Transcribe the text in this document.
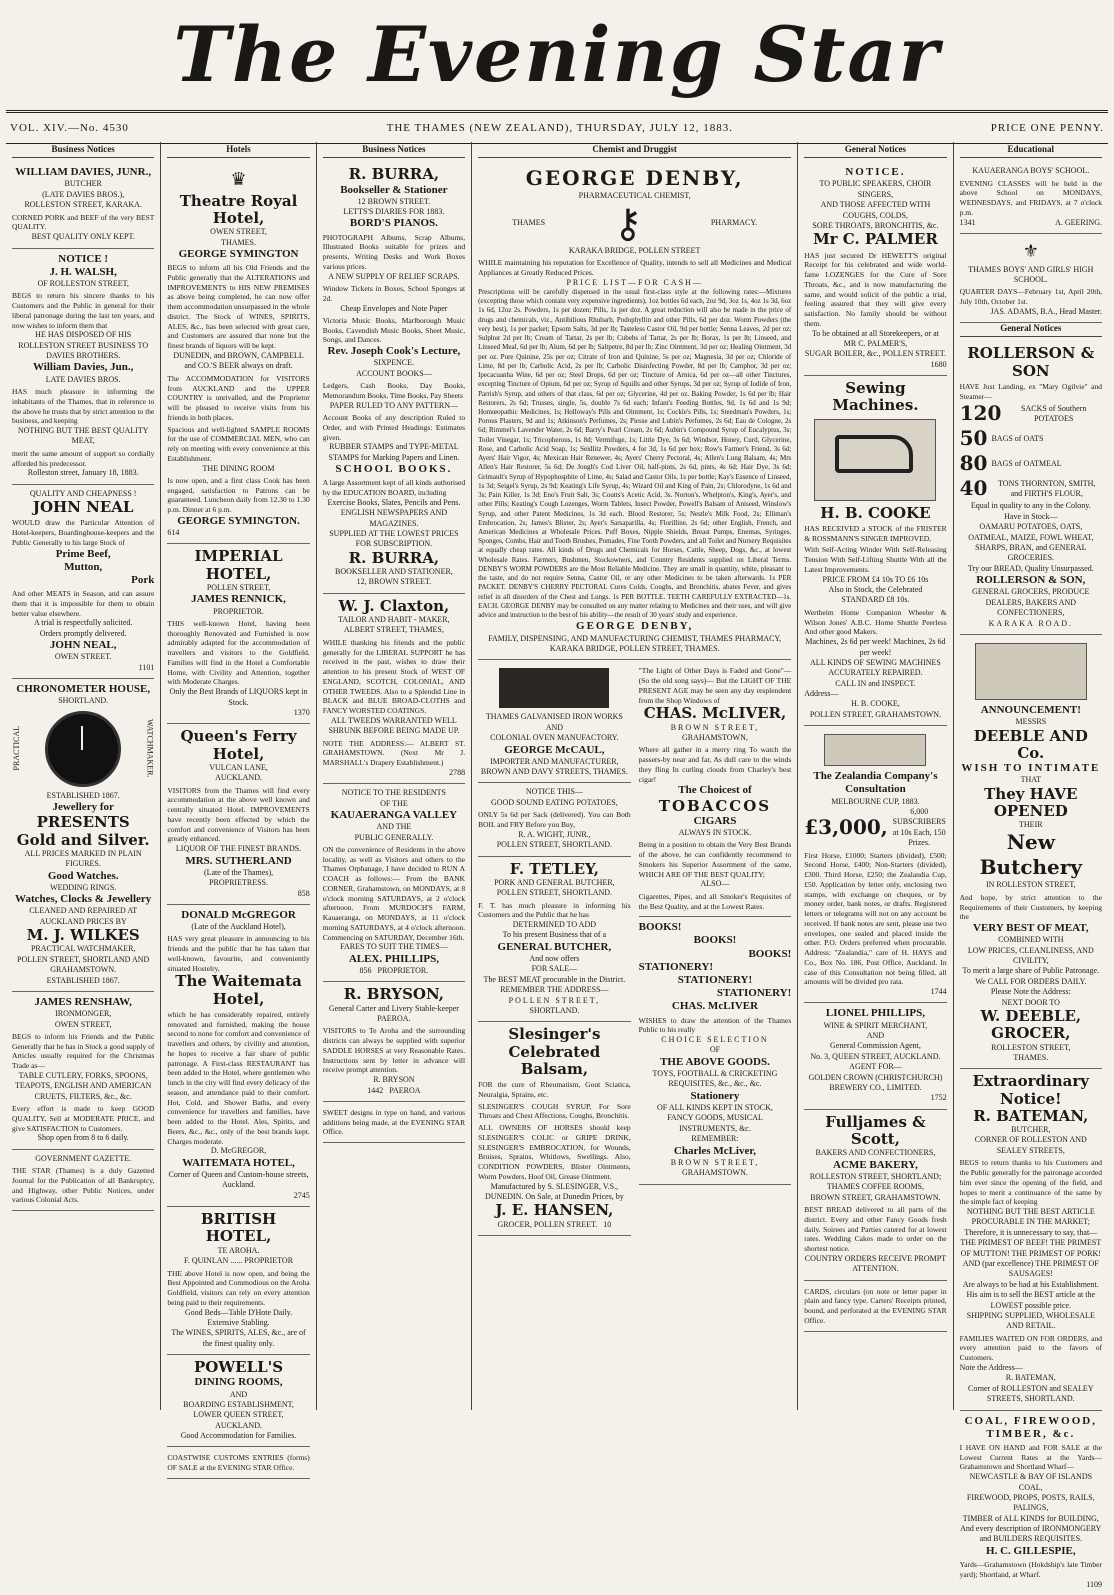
The Evening Star
VOL. XIV.—No. 4530	THE THAMES (NEW ZEALAND), THURSDAY, JULY 12, 1883.	PRICE ONE PENNY.
Business Notices
WILLIAM DAVIES, JUNR.,
BUTCHER
(LATE DAVIES BROS.),
ROLLESTON STREET, KARAKA.
CORNED PORK and BEEF of the very BEST QUALITY.
BEST QUALITY ONLY KEPT.
NOTICE !
J. H. WALSH,
OF ROLLESTON STREET,
BEGS to return his sincere thanks to his Customers and the Public in general for their liberal patronage during the last ten years, and now wishes to inform them that
HE HAS DISPOSED OF HIS
ROLLESTON STREET BUSINESS TO DAVIES BROTHERS.
William Davies, Jun.,
LATE DAVIES BROS.
HAS much pleasure in informing the inhabitants of the Thames, that in reference to the above he trusts that by strict attention to the business, and keeping
NOTHING BUT THE BEST QUALITY MEAT,
merit the same amount of support so cordially afforded his predecessor.
Rolleston street, January 18, 1883.
QUALITY AND CHEAPNESS !
JOHN NEAL
WOULD draw the Particular Attention of Hotel-keepers, Boardinghouse-keepers and the Public Generally to his large Stock of
Prime Beef,
Mutton,
Pork
And other MEATS in Season, and can assure them that it is impossible for them to obtain better value elsewhere.
A trial is respectfully solicited.
Orders promptly delivered.
JOHN NEAL,
OWEN STREET.
1101
CHRONOMETER HOUSE,
SHORTLAND.
PRACTICAL	WATCHMAKER.
ESTABLISHED 1867.
Jewellery for
PRESENTS
Gold and Silver.
ALL PRICES MARKED IN PLAIN FIGURES.
Good Watches.
WEDDING RINGS.
Watches, Clocks & Jewellery
CLEANED AND REPAIRED AT AUCKLAND PRICES BY
M. J. WILKES
PRACTICAL WATCHMAKER,
POLLEN STREET, SHORTLAND AND GRAHAMSTOWN.
ESTABLISHED 1867.
JAMES RENSHAW,
IRONMONGER,
OWEN STREET,
BEGS to inform his Friends and the Public Generally that he has in Stock a good supply of Articles usually required for the Christmas Trade as—
TABLE CUTLERY, FORKS, SPOONS, TEAPOTS, ENGLISH AND AMERICAN CRUETS, FILTERS, &c., &c.
Every effort is made to keep GOOD QUALITY, Sell at MODERATE PRICE, and give SATISFACTION to Customers.
Shop open from 8 to 6 daily.
GOVERNMENT GAZETTE.
THE STAR (Thames) is a duly Gazetted Journal for the Publication of all Bankruptcy, and Highway, other Public Notices, under various Colonial Acts.
Hotels
♛
Theatre Royal Hotel,
OWEN STREET,
THAMES.
GEORGE SYMINGTON
BEGS to inform all his Old Friends and the Public generally that the ALTERATIONS and IMPROVEMENTS to HIS NEW PREMISES as above being completed, he can now offer them accommodation unsurpassed in the whole district. The Stock of WINES, SPIRITS, ALES, &c., has been selected with great care, and Customers are assured that none but the finest brands of liquors will be kept.
DUNEDIN, and BROWN, CAMPBELL and CO.'S BEER always on draft.
The ACCOMMODATION for VISITORS from AUCKLAND and the UPPER COUNTRY is unrivalled, and the Proprietor will be pleased to receive visits from his friends in both places.
Spacious and well-lighted SAMPLE ROOMS for the use of COMMERCIAL MEN, who can rely on meeting with every convenience at this Establishment.
THE DINING ROOM
Is now open, and a first class Cook has been engaged, satisfaction to Patrons can be guaranteed. Luncheon daily from 12.30 to 1.30 p.m. Dinner at 6 p.m.
GEORGE SYMINGTON.
614
IMPERIAL HOTEL,
POLLEN STREET,
JAMES RENNICK,
PROPRIETOR.
THIS well-known Hotel, having been thoroughly Renovated and Furnished is now admirably adapted for the accommodation of travellers and visitors to the Goldfield. Families will find in the Hotel a Comfortable Home, with Civility and Attention, together with Moderate Charges.
Only the Best Brands of LIQUORS kept in Stock.
1370
Queen's Ferry Hotel,
VULCAN LANE,
AUCKLAND.
VISITORS from the Thames will find every accommodation at the above well known and centrally situated Hotel. IMPROVEMENTS have recently been effected by which the comfort and convenience of Visitors has been greatly enhanced.
LIQUOR OF THE FINEST BRANDS.
MRS. SUTHERLAND
(Late of the Thames),
PROPRIETRESS.
858
DONALD McGREGOR
(Late of the Auckland Hotel),
HAS very great pleasure in announcing to his friends and the public that he has taken that well-known, favourite, and conveniently situated Hostelry,
The Waitemata Hotel,
which he has considerably repaired, entirely renovated and furnished, making the house second to none for comfort and convenience of travellers and others, by civility and attention, he hopes to receive a fair share of public patronage. A First-class RESTAURANT has been added to the Hotel, where gentlemen who lunch in the city will find every delicacy of the season, and attendance paid to their comfort. Hot, Cold, and Shower Baths, and every convenience for travellers and families, have been added to the Hotel. Ales, Spirits, and Beers, &c., &c., only of the best brands kept. Charges moderate.
D. McGREGOR,
WAITEMATA HOTEL,
Corner of Queen and Custom-house streets, Auckland.
2745
BRITISH HOTEL,
TE AROHA.
F. QUINLAN ...... PROPRIETOR
THE above Hotel is now open, and being the Best Appointed and Commodious on the Aroha Goldfield, visitors can rely on every attention being paid to their requirements.
Good Beds—Table D'Hote Daily.
Extensive Stabling.
The WINES, SPIRITS, ALES, &c., are of the finest quality only.
POWELL'S
DINING ROOMS,
AND
BOARDING ESTABLISHMENT,
LOWER QUEEN STREET,
AUCKLAND.
Good Accommodation for Families.
COASTWISE CUSTOMS ENTRIES (forms) OF SALE at the EVENING STAR Office.
Business Notices
R. BURRA,
Bookseller & Stationer
12 BROWN STREET.
LETTS'S DIARIES FOR 1883.
BORD'S PIANOS.
PHOTOGRAPH Albums, Scrap Albums, Illustrated Books suitable for prizes and presents, Writing Desks and Work Boxes various prices.
A NEW SUPPLY OF RELIEF SCRAPS.
Window Tickets in Boxes, School Sponges at 2d.
Cheap Envelopes and Note Paper
Victoria Music Books, Marlborough Music Books, Cavendish Music Books, Sheet Music, Songs, and Dances.
Rev. Joseph Cook's Lecture,
SIXPENCE.
ACCOUNT BOOKS—
Ledgers, Cash Books, Day Books, Memorandum Books, Time Books, Pay Sheets
PAPER RULED TO ANY PATTERN—
Account Books of any description Ruled to Order, and with Printed Headings: Estimates given.
RUBBER STAMPS and TYPE-METAL STAMPS for Marking Papers and Linen.
SCHOOL BOOKS.
A large Assortment kept of all kinds authorised by the EDUCATION BOARD, including
Exercise Books, Slates, Pencils and Pens.
ENGLISH NEWSPAPERS AND MAGAZINES.
SUPPLIED AT THE LOWEST PRICES FOR SUBSCRIPTION.
R. BURRA,
BOOKSELLER AND STATIONER,
12, BROWN STREET.
W. J. Claxton,
TAILOR AND HABIT - MAKER,
ALBERT STREET, THAMES,
WHILE thanking his friends and the public generally for the LIBERAL SUPPORT he has received in the past, wishes to draw their attention to his present Stock of WEST OF ENGLAND, SCOTCH, COLONIAL, AND OTHER TWEEDS. Also to a Splendid Line in BLACK and BLUE BROAD-CLOTHS and FANCY WORSTED COATINGS.
ALL TWEEDS WARRANTED WELL SHRUNK BEFORE BEING MADE UP.
NOTE THE ADDRESS:— ALBERT ST. GRAHAMSTOWN. (Next Mr J. MARSHALL's Drapery Establishment.)
2788
NOTICE TO THE RESIDENTS
OF THE
KAUAERANGA VALLEY
AND THE
PUBLIC GENERALLY.
ON the convenience of Residents in the above locality, as well as Visitors and others to the Thames Orphanage, I have decided to RUN A COACH as follows:— From the BANK CORNER, Grahamstown, on MONDAYS, at 8 o'clock morning SATURDAYS, at 2 o'clock afternoon. From MURDOCH'S FARM, Kauaeranga, on MONDAYS, at 11 o'clock morning SATURDAYS, at 4 o'clock afternoon. Commencing on SATURDAY, December 16th.
FARES TO SUIT THE TIMES—
ALEX. PHILLIPS,
856 PROPRIETOR.
R. BRYSON,
General Carter and Livery Stable-keeper
PAEROA.
VISITORS to Te Aroha and the surrounding districts can always be supplied with superior SADDLE HORSES at very Reasonable Rates. Instructions sent by letter in advance will receive prompt attention.
R. BRYSON
1442 PAEROA
SWEET designs in type on hand, and various additions being made, at the EVENING STAR Office.
Chemist and Druggist
GEORGE DENBY,
PHARMACEUTICAL CHEMIST,
THAMES ⚷	PHARMACY.
KARAKA BRIDGE, POLLEN STREET
WHILE maintaining his reputation for Excellence of Quality, intends to sell all Medicines and Medical Appliances at Greatly Reduced Prices.
PRICE LIST—FOR CASH—
Prescriptions will be carefully dispensed in the usual first-class style at the following rates:—Mixtures (excepting those which contain very expensive ingredients), 1oz bottles 6d each, 2oz 9d, 3oz 1s, 4oz 1s 3d, 6oz 1s 6d, 12oz 2s. Powders, 1s per dozen; Pills, 1s per doz. A great reduction will also be made in the price of drugs and chemicals, viz., Antibilious Rhubarb, Podophyllin and other Pills, 6d per doz. Worm Powders (the very best), 1s per packet; Epsom Salts, 3d per lb; Tasteless Castor Oil, 9d per bottle; Senna Leaves, 2d per oz; Sulphur 2d per lb; Cream of Tartar, 2s per lb; Cubebs of Tartar, 2s per lb; Borax, 1s per lb; Linseed, and Linseed Meal, 6d per lb; Alum, 6d per lb; Saltpetre, 8d per lb; Zinc Ointment, 3d per oz; Healing Ointment, 3d per oz. Pure Quinine, 25s per oz; Citrate of Iron and Quinine, 5s per oz; Magnesia, 3d per oz; Chloride of Lime, 8d per lb; Carbolic Acid, 2s per lb; Carbolic Disinfecting Powder, 8d per lb; Camphor, 3d per oz; Ipecacuanha Wine, 6d per oz; Steel Drops, 6d per oz; Tincture of Arnica, 6d per oz—all other Tinctures, excepting Tincture of Opium, 6d per oz; Syrup of Squills and other Syrups, 3d per oz; Syrup of Iodide of Iron, Parrish's Syrup, and others of that class, 6d per oz; Glycerine, 4d per oz. Baking Powder, 1s 6d per lb; Hair Restorers, 2s 6d; Trusses, single, 5s, double 7s 6d each; Infant's Feeding Bottles, 9d, 1s 6d and 1s 9d; Homœopathic Medicines, 1s; Holloway's Pills and Ointment, 1s; Cockle's Pills, 1s; Steedman's Powders, 1s; Porous Plasters, 9d and 1s; Atkinson's Perfumes, 2s; Piesse and Lubin's Perfumes, 2s 6d; Eau de Cologne, 2s 6d; Rimmel's Lavender Water, 2s 6d; Barry's Pearl Cream, 2s 6d; Aubin's Compound Syrup of Eucalyptus, 3s; Toilet Vinegar, 1s; Tricopherous, 1s 8d; Vermifuge, 1s; Little Dye, 3s 6d; Windsor, Honey, Curd, Glycerine, Rose, and Carbolic Acid Soap, 1s; Seidlitz Powders, 4 for 3d, 1s 6d per box; Row's Farmer's Friend, 3s 6d; Ayers' Hair Vigor, 4s; Mexican Hair Renewer, 4s; Ayers' Cherry Pectoral, 4s; Allen's Lung Balsam, 4s; Mrs Allen's Hair Restorer, 5s 6d; De Jongh's Cod Liver Oil, half-pints, 2s 6d, pints, 4s 6d; Hair Dye, 3s 6d; Grimault's Syrup of Hypophosphite of Lime, 4s; Salad and Castor Oils, 1s per bottle; Kay's Essence of Linseed, 1s 3d; Seigel's Syrup, 2s 9d; Keating's Life Syrup, 4s; Wizard Oil and King of Pain, 2s; Chlorodyne, 1s 6d and 3s; Pain Killer, 1s 3d; Eno's Fruit Salt, 3s; Coutts's Acetic Acid, 3s. Norton's, Whelpton's, King's, Ayer's, and other Pills; Keating's Cough Lozenges, Worm Tablets, Insect Powder, Powell's Balsam of Aniseed, Winslow's Syrup, and other Patent Medicines, 1s 3d each. Blood Restorer, 5s; Nestle's Milk Food, 2s; Elliman's Embrocation, 2s; James's Blister, 2s; Ayer's Sarsaparilla, 4s; Florilline, 2s 6d; other English, French, and American Medicines at Wholesale Prices. Puff Boxes, Nipple Shields, Breast Pumps, Enemas, Syringes, Sponges, Combs, Hair and Tooth Brushes, Pomades, Fine Tooth Powders, and all Toilet and Nursery Requisites at equally cheap rates. All kinds of Drugs and Chemicals for Horses, Cattle, Sheep, Dogs, &c., at lowest Wholesale Rates. Farmers, Bushmen, Stockowners, and Country Residents supplied on Liberal Terms. DENBY'S WORM POWDERS are the Most Reliable Medicine. They are small in quantity, white, pleasant to the taste, and do not require Senna, Castor Oil, or any other Medicines to be taken afterwards. 1s PER PACKET. DENBY'S CHERRY PECTORAL Cures Colds, Coughs, and Bronchitis, abates Fever, and gives relief in all disorders of the Chest and Lungs. 1s PER BOTTLE. TEETH CAREFULLY EXTRACTED—1s. EACH. GEORGE DENBY may be consulted on any matter relating to Medicines and their uses, and will give advice and instruction to the best of his ability—the result of 30 years' study and experience.
GEORGE DENBY,
FAMILY, DISPENSING, AND MANUFACTURING CHEMIST, THAMES PHARMACY,
KARAKA BRIDGE, POLLEN STREET, THAMES.
THAMES GALVANISED IRON WORKS
AND
COLONIAL OVEN MANUFACTORY.
GEORGE McCAUL,
IMPORTER AND MANUFACTURER,
BROWN AND DAVY STREETS, THAMES.
NOTICE THIS—
GOOD SOUND EATING POTATOES,
ONLY 5s 6d per Sack (delivered). You can Both BOIL and FRY Before you Buy,
R. A. WIGHT, JUNR.,
POLLEN STREET, SHORTLAND.
F. TETLEY,
PORK AND GENERAL BUTCHER,
POLLEN STREET, SHORTLAND.
F. T. has much pleasure in informing his Customers and the Public that he has
DETERMINED TO ADD
To his present Business that of a
GENERAL BUTCHER,
And now offers
FOR SALE—
The BEST MEAT procurable in the District.
REMEMBER THE ADDRESS—
POLLEN STREET,
SHORTLAND.
Slesinger's Celebrated Balsam,
FOR the cure of Rheumatism, Gout Sciatica, Neuralgia, Sprains, etc.
SLESINGER'S COUGH SYRUP, For Sore Throats and Chest Affections, Coughs, Bronchitis.
ALL OWNERS OF HORSES should keep SLESINGER'S COLIC or GRIPE DRINK, SLESINGER'S EMBROCATION, for Wounds, Bruises, Sprains, Whitlows, Swellings. Also, CONDITION POWDERS, Blister Ointments, Worm Powders, Hoof Oil, Grease Ointment.
Manufactured by S. SLESINGER, V.S., DUNEDIN. On Sale, at Dunedin Prices, by
J. E. HANSEN,
GROCER, POLLEN STREET. 10
"The Light of Other Days is Faded and Gone"— (So the old song says)— But the LIGHT OF THE PRESENT AGE may be seen any day resplendent from the Shop Windows of
CHAS. McLIVER,
BROWN STREET,
GRAHAMSTOWN,
Where all gather in a merry ring To watch the passers-by near and far, As dull care to the winds they fling In curling clouds from Charley's best cigar!
The Choicest of
TOBACCOS
CIGARS
ALWAYS IN STOCK.
Being in a position to obtain the Very Best Brands of the above, he can confidently recommend to Smokers his Superior Assortment of the same, WHICH ARE OF THE BEST QUALITY;
ALSO—
Cigarettes, Pipes, and all Smoker's Requisites of the Best Quality, and at the Lowest Rates.
BOOKS!
BOOKS!
BOOKS!
STATIONERY!
STATIONERY!
STATIONERY!
CHAS. McLIVER
WISHES to draw the attention of the Thames Public to his really
CHOICE SELECTION
OF
THE ABOVE GOODS.
TOYS, FOOTBALL & CRICKETING REQUISITES, &c., &c., &c.
Stationery
OF ALL KINDS KEPT IN STOCK,
FANCY GOODS, MUSICAL INSTRUMENTS, &c.
REMEMBER:
Charles McLiver,
BROWN STREET,
GRAHAMSTOWN.
General Notices
NOTICE.
TO PUBLIC SPEAKERS, CHOIR SINGERS,
AND THOSE AFFECTED WITH
COUGHS, COLDS,
SORE THROATS, BRONCHITIS, &c.
Mr C. PALMER
HAS just secured Dr HEWETT'S original Receipt for his celebrated and wide world-fame LOZENGES for the Cure of Sore Throats, &c., and is now manufacturing the same, and would solicit of the public a trial, feeling assured that they will give every satisfaction. No family should be without them.
To be obtained at all Storekeepers, or at
MR C. PALMER'S,
SUGAR BOILER, &c., POLLEN STREET.
1680
Sewing Machines.
H. B. COOKE
HAS RECEIVED a STOCK of the FRISTER & ROSSMANN'S SINGER IMPROVED,
With Self-Acting Winder With Self-Releasing Tension With Self-Lifting Shuttle With all the Latest Improvements.
PRICE FROM £4 10s TO £6 10s
Also in Stock, the Celebrated
STANDARD £8 10s.
Wertheim Home Companion Wheeler & Wilson Jones' A.B.C. Home Shuttle Peerless And other good Makers.
Machines, 2s 6d per week! Machines, 2s 6d per week!
ALL KINDS OF SEWING MACHINES ACCURATELY REPAIRED.
CALL IN and INSPECT.
Address—
H. B. COOKE,
POLLEN STREET, GRAHAMSTOWN.
The Zealandia Company's Consultation
MELBOURNE CUP, 1883.
£3,000,
6,000 SUBSCRIBERS at 10s Each, 150 Prizes.
First Horse, £1000; Starters (divided), £500; Second Horse, £400; Non-Starters (divided), £300. Third Horse, £250; the Zealandia Cup, £50. Application by letter only, enclosing two stamps, with exchange on cheques, or by money order, bank notes, or drafts. Registered letters or telegrams will not on any account be received. If bank notes are sent, please use two envelopes, one sealed and placed inside the other. P.O. Orders preferred when procurable. Address: "Zealandia," care of H. HAYS and Co., Box No. 186, Post Office, Auckland. In case of this Consultation not being filled, all amounts will be divided pro rata.
1744
LIONEL PHILLIPS,
WINE & SPIRIT MERCHANT,
AND
General Commission Agent,
No. 3, QUEEN STREET, AUCKLAND.
AGENT FOR—
GOLDEN CROWN (CHRISTCHURCH) BREWERY CO., LIMITED.
1752
Fulljames & Scott,
BAKERS AND CONFECTIONERS,
ACME BAKERY,
ROLLESTON STREET, SHORTLAND;
THAMES COFFEE ROOMS,
BROWN STREET, GRAHAMSTOWN.
BEST BREAD delivered to all parts of the district. Every and other Fancy Goods fresh daily. Soirees and Parties catered for at lowest rates. Wedding Cakes made to order on the shortest notice.
COUNTRY ORDERS RECEIVE PROMPT ATTENTION.
CARDS, circulars (on note or letter paper in plain and fancy type. Carters' Receipts printed, bound, and perforated at the EVENING STAR Office.
Educational
KAUAERANGA BOYS' SCHOOL.
EVENING CLASSES will be held in the above School on MONDAYS, WEDNESDAYS, and FRIDAYS, at 7 o'clock p.m.
1341	A. GEERING.
⚜
THAMES BOYS' AND GIRLS' HIGH SCHOOL.
QUARTER DAYS—February 1st, April 20th, July 10th, October 1st.
JAS. ADAMS, B.A., Head Master.
General Notices
ROLLERSON & SON
HAVE Just Landing, ex "Mary Ogilvie" and Steamer—
120	SACKS of Southern POTATOES
50 BAGS of OATS
80 BAGS of OATMEAL
40	TONS THORNTON, SMITH, and FIRTH'S FLOUR,
Equal in quality to any in the Colony.
Have in Stock—
OAMARU POTATOES, OATS, OATMEAL, MAIZE, FOWL WHEAT, SHARPS, BRAN, and GENERAL GROCERIES.
Try our BREAD, Quality Unsurpassed.
ROLLERSON & SON,
GENERAL GROCERS, PRODUCE DEALERS, BAKERS AND CONFECTIONERS,
KARAKA ROAD.
ANNOUNCEMENT!
MESSRS
DEEBLE AND Co.
WISH TO INTIMATE
THAT
They HAVE OPENED
THEIR
New Butchery
IN ROLLESTON STREET,
And hope, by strict attention to the Requirements of their Customers, by keeping the
VERY BEST OF MEAT,
COMBINED WITH
LOW PRICES, CLEANLINESS, AND CIVILITY,
To merit a large share of Public Patronage.
We CALL FOR ORDERS DAILY.
Please Note the Address:
NEXT DOOR TO
W. DEEBLE, GROCER,
ROLLESTON STREET,
THAMES.
Extraordinary Notice!
R. BATEMAN,
BUTCHER,
CORNER OF ROLLESTON AND SEALEY STREETS,
BEGS to return thanks to his Customers and the Public generally for the patronage accorded him ever since the opening of the field, and hopes to merit a continuance of the same by the simple fact of keeping
NOTHING BUT THE BEST ARTICLE PROCURABLE IN THE MARKET;
Therefore, it is unnecessary to say, that—
THE PRIMEST OF BEEF! THE PRIMEST OF MUTTON! THE PRIMEST OF PORK! AND (par excellence) THE PRIMEST OF SAUSAGES!
Are always to be had at his Establishment.
His aim is to sell the BEST article at the LOWEST possible price.
SHIPPING SUPPLIED, WHOLESALE AND RETAIL.
FAMILIES WAITED ON FOR ORDERS, and every attention paid to the favors of Customers.
Note the Address—
R. BATEMAN,
Corner of ROLLESTON and SEALEY STREETS, SHORTLAND.
COAL, FIREWOOD, TIMBER, &c.
I HAVE ON HAND and FOR SALE at the Lowest Current Rates at the Yards—Grahamstown and Shortland Wharf—
NEWCASTLE & BAY OF ISLANDS COAL,
FIREWOOD, PROPS, POSTS, RAILS, PALINGS,
TIMBER of ALL KINDS for BUILDING, And every description of IRONMONGERY and BUILDERS REQUISITES.
H. C. GILLESPIE,
Yards—Grahamstown (Hokdship's late Timber yard); Shortland, at Wharf.
1109
